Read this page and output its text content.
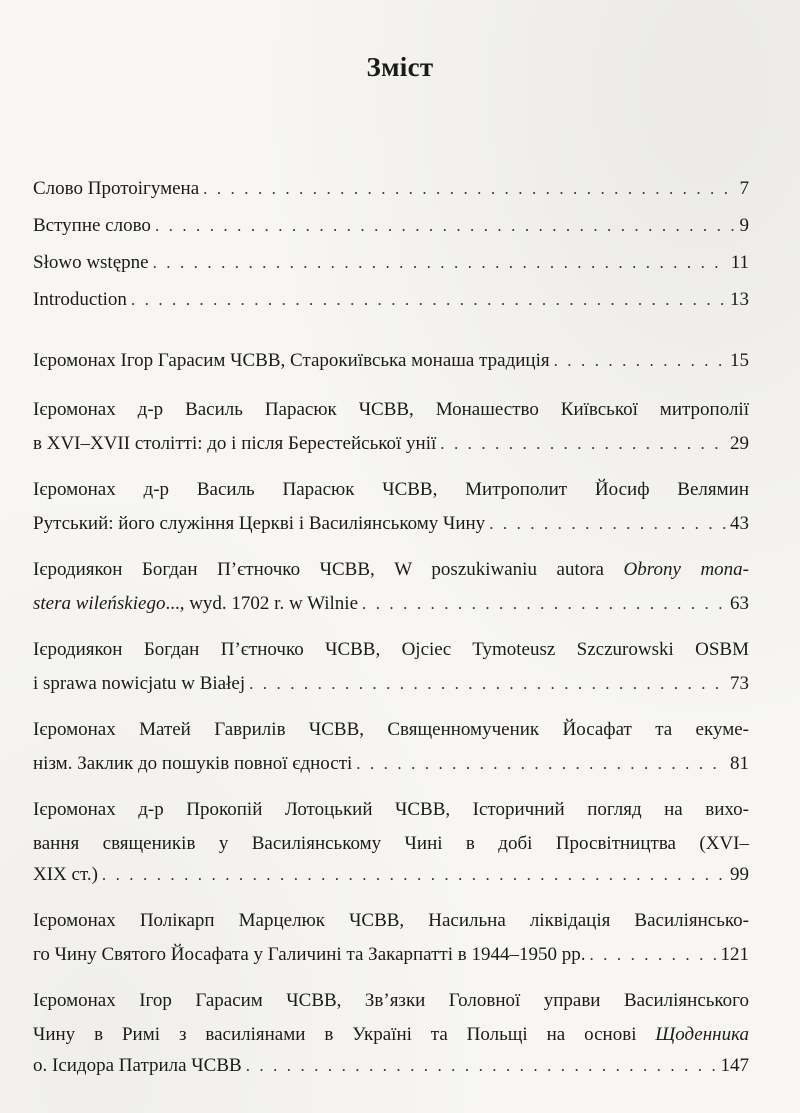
Зміст
Слово Протоігумена . . .	7
Вступне слово . . .	9
Słowo wstępne . . .	11
Introduction . . .	13
Ієромонах Ігор Гарасим ЧСВВ, Старокиївська монаша традиція . . .	15
Ієромонах д-р Василь Парасюк ЧСВВ, Монашество Київської митрополії
в XVI–XVII столітті: до і після Берестейської унії . . .	29
Ієромонах д-р Василь Парасюк ЧСВВ, Митрополит Йосиф Велямин
Рутський: його служіння Церкві і Василіянському Чину . . .	43
Ієродиякон Богдан П’єтночко ЧСВВ, W poszukiwaniu autora Obrony mona-
stera wileńskiego..., wyd. 1702 r. w Wilnie . . .	63
Ієродиякон Богдан П’єтночко ЧСВВ, Ojciec Tymoteusz Szczurowski OSBM
i sprawa nowicjatu w Białej . . .	73
Ієромонах Матей Гаврилів ЧСВВ, Священномученик Йосафат та екуме-
нізм. Заклик до пошуків повної єдності . . .	81
Ієромонах д-р Прокопій Лотоцький ЧСВВ, Історичний погляд на вихо-
вання священиків у Василіянському Чині в добі Просвітництва (XVI–
XIX ст.) . . .	99
Ієромонах Полікарп Марцелюк ЧСВВ, Насильна ліквідація Василіянсько-
го Чину Святого Йосафата у Галичині та Закарпатті в 1944–1950 рр. . . .	121
Ієромонах Ігор Гарасим ЧСВВ, Зв’язки Головної управи Василіянського
Чину в Римі з василіянами в Україні та Польщі на основі Щоденника
о. Ісидора Патрила ЧСВВ . . .	147
